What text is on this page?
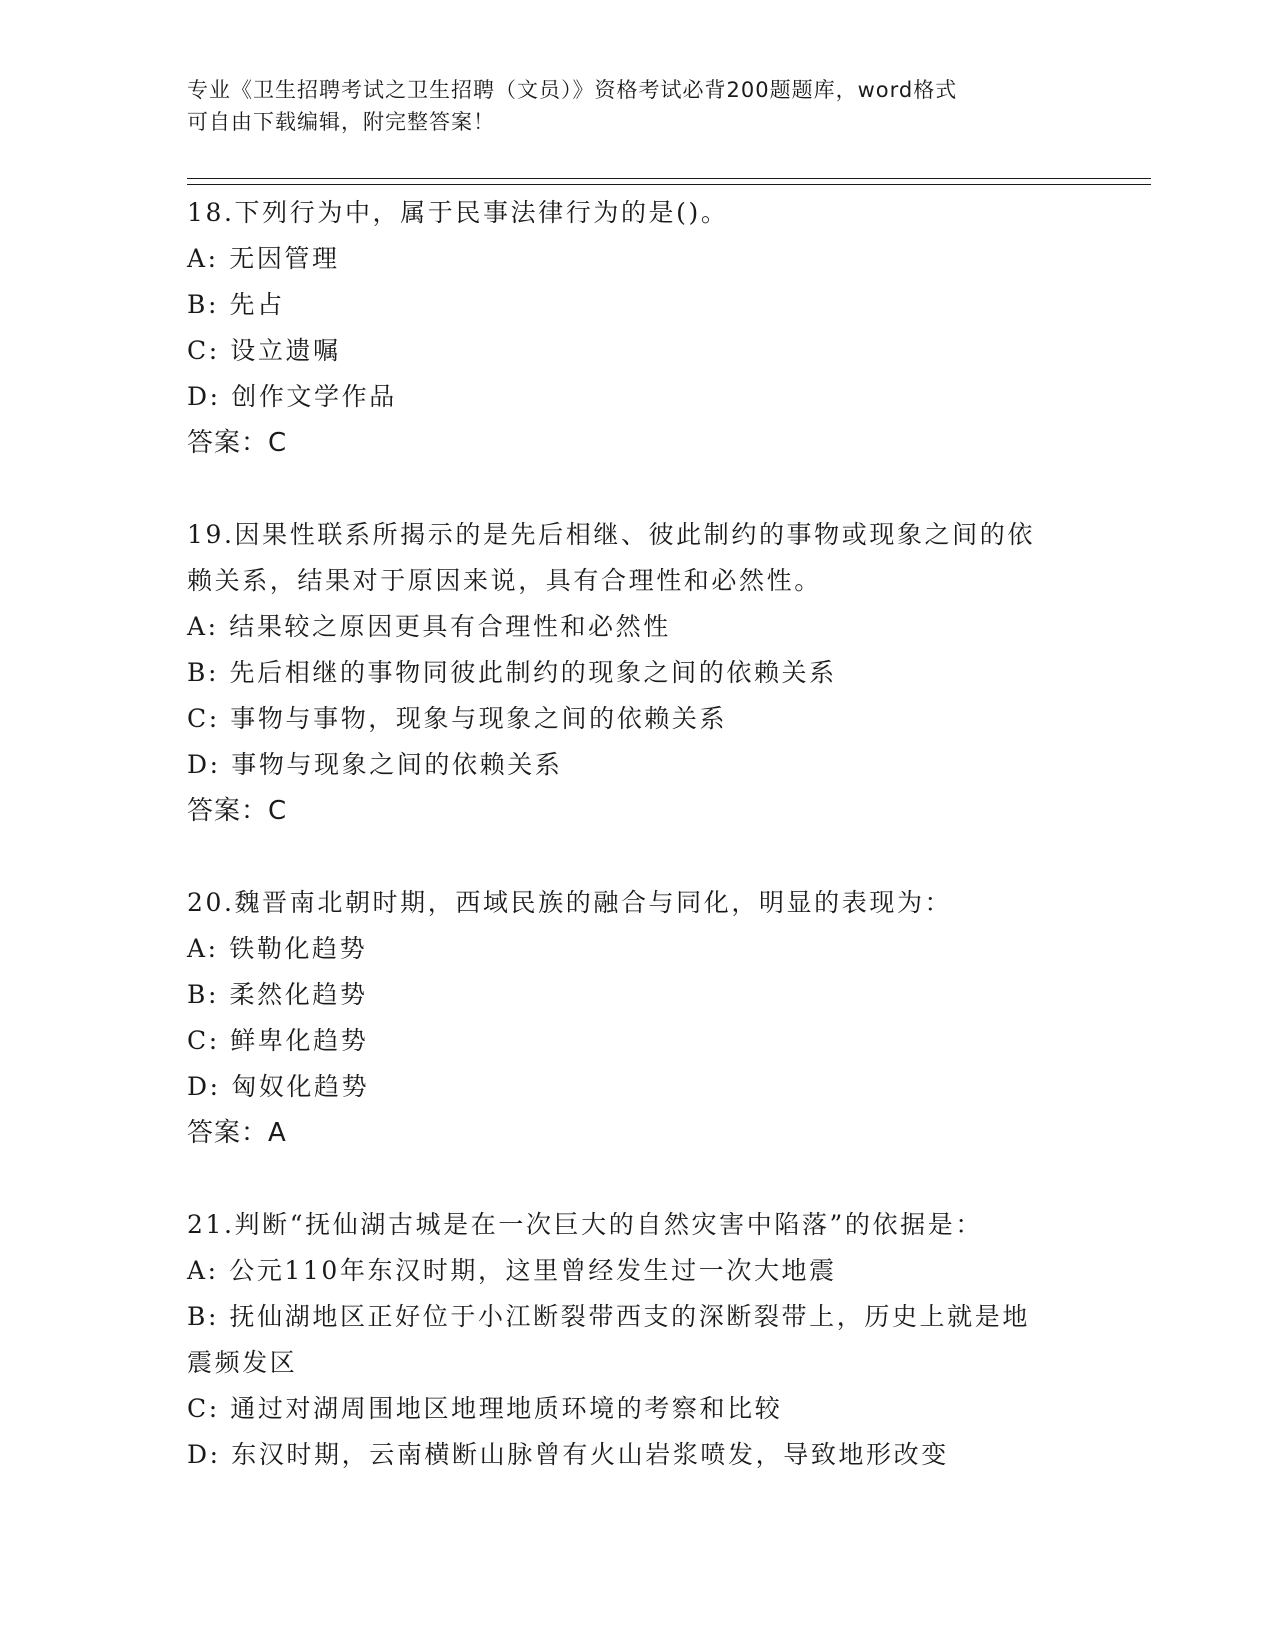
专业《卫生招聘考试之卫生招聘（文员）》资格考试必背200题题库，word格式
可自由下载编辑，附完整答案！
18.下列行为中，属于民事法律行为的是()。
A: 无因管理
B: 先占
C: 设立遗嘱
D: 创作文学作品
答案：C
19.因果性联系所揭示的是先后相继、彼此制约的事物或现象之间的依
赖关系，结果对于原因来说，具有合理性和必然性。
A: 结果较之原因更具有合理性和必然性
B: 先后相继的事物同彼此制约的现象之间的依赖关系
C: 事物与事物，现象与现象之间的依赖关系
D: 事物与现象之间的依赖关系
答案：C
20.魏晋南北朝时期，西域民族的融合与同化，明显的表现为：
A: 铁勒化趋势
B: 柔然化趋势
C: 鲜卑化趋势
D: 匈奴化趋势
答案：A
21.判断“抚仙湖古城是在一次巨大的自然灾害中陷落”的依据是：
A: 公元110年东汉时期，这里曾经发生过一次大地震
B: 抚仙湖地区正好位于小江断裂带西支的深断裂带上，历史上就是地
震频发区
C: 通过对湖周围地区地理地质环境的考察和比较
D: 东汉时期，云南横断山脉曾有火山岩浆喷发，导致地形改变
